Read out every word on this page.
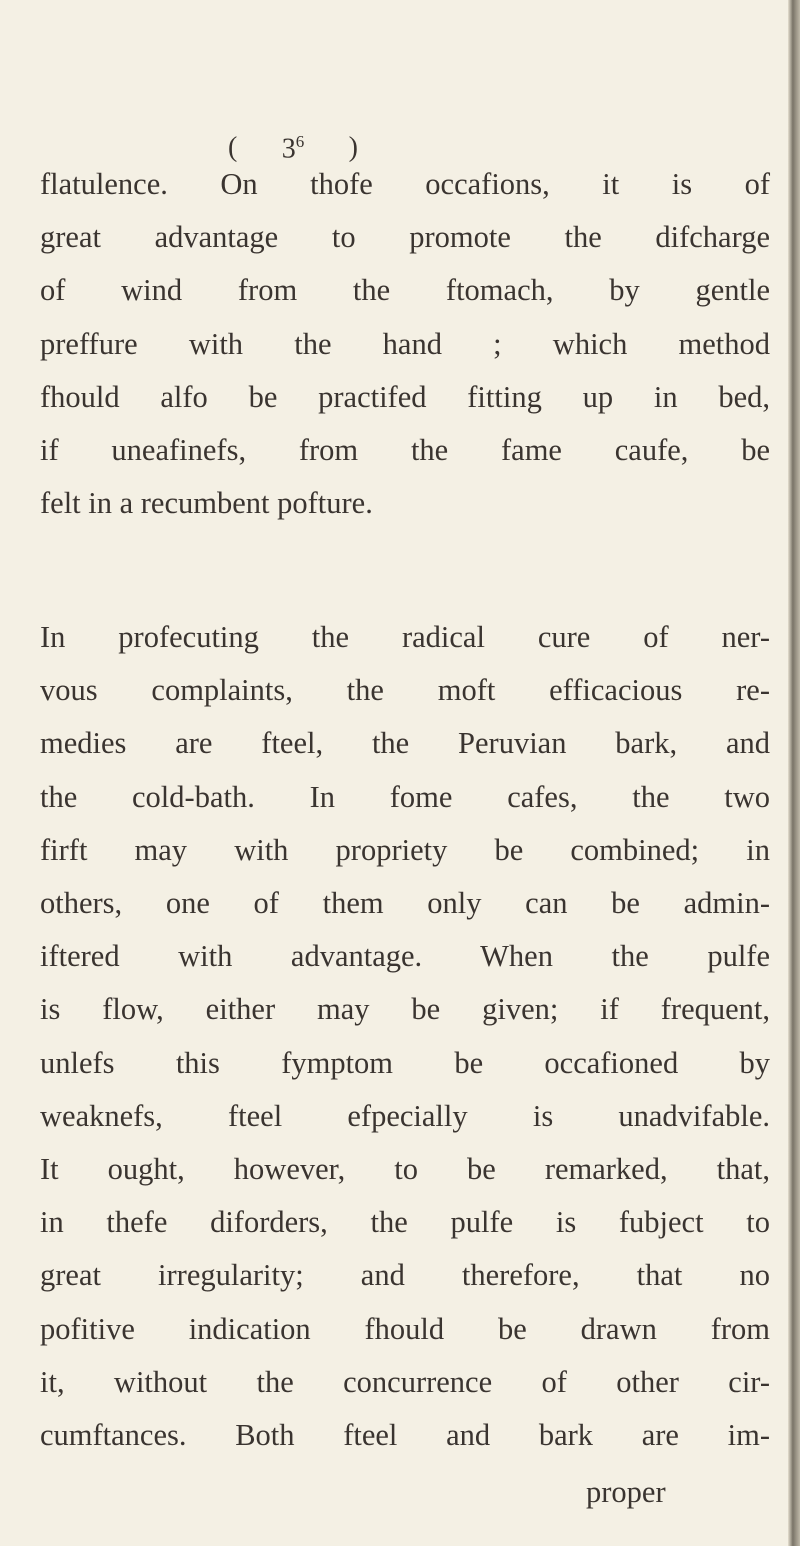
( $3^6$ )
flatulence. On thofe occafions, it is of
great advantage to promote the difcharge
of wind from the ftomach, by gentle
preffure with the hand ; which method
fhould alfo be practifed fitting up in bed,
if uneafinefs, from the fame caufe, be
felt in a recumbent pofture.
In profecuting the radical cure of ner-
vous complaints, the moft efficacious re-
medies are fteel, the Peruvian bark, and
the cold-bath. In fome cafes, the two
firft may with propriety be combined; in
others, one of them only can be admin-
iftered with advantage. When the pulfe
is flow, either may be given; if frequent,
unlefs this fymptom be occafioned by
weaknefs, fteel efpecially is unadvifable.
It ought, however, to be remarked, that,
in thefe diforders, the pulfe is fubject to
great irregularity; and therefore, that no
pofitive indication fhould be drawn from
it, without the concurrence of other cir-
cumftances. Both fteel and bark are im-
proper
